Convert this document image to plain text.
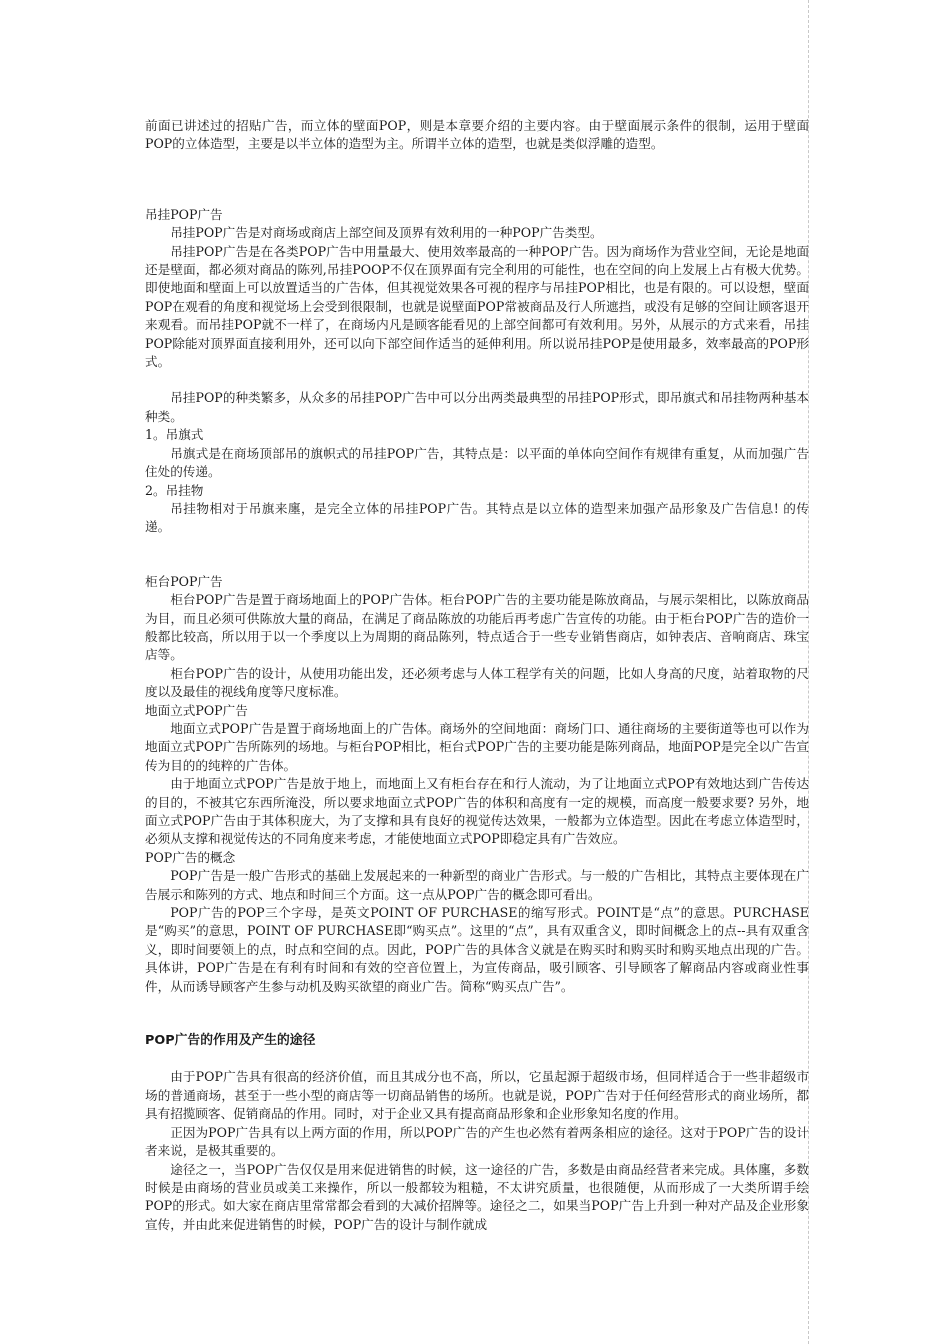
前面已讲述过的招贴广告，而立体的壁面POP，则是本章要介绍的主要内容。由于壁面展示条件的很制，运用于壁面POP的立体造型，主要是以半立体的造型为主。所谓半立体的造型，也就是类似浮雕的造型。

吊挂POP广告

吊挂POP广告是对商场或商店上部空间及顶界有效利用的一种POP广告类型。

吊挂POP广告是在各类POP广告中用量最大、使用效率最高的一种POP广告。因为商场作为营业空间，无论是地面还是壁面，都必须对商品的陈列,吊挂POOP不仅在顶界面有完全利用的可能性，也在空间的向上发展上占有极大优势。即使地面和壁面上可以放置适当的广告体，但其视觉效果各可视的程序与吊挂POP相比，也是有限的。可以设想，壁面POP在观看的角度和视觉场上会受到很限制，也就是说壁面POP常被商品及行人所遮挡，或没有足够的空间让顾客退开来观看。而吊挂POP就不一样了，在商场内凡是顾客能看见的上部空间都可有效利用。另外，从展示的方式来看，吊挂POP除能对顶界面直接利用外，还可以向下部空间作适当的延伸利用。所以说吊挂POP是使用最多，效率最高的POP形式。

吊挂POP的种类繁多，从众多的吊挂POP广告中可以分出两类最典型的吊挂POP形式，即吊旗式和吊挂物两种基本种类。

1。吊旗式

吊旗式是在商场顶部吊的旗帜式的吊挂POP广告，其特点是：以平面的单体向空间作有规律有重复，从而加强广告住处的传递。

2。吊挂物

吊挂物相对于吊旗来廛，是完全立体的吊挂POP广告。其特点是以立体的造型来加强产品形象及广告信息! 的传递。

柜台POP广告

柜台POP广告是置于商场地面上的POP广告体。柜台POP广告的主要功能是陈放商品，与展示架相比，以陈放商品为目，而且必须可供陈放大量的商品，在满足了商品陈放的功能后再考虑广告宣传的功能。由于柜台POP广告的造价一般都比较高，所以用于以一个季度以上为周期的商品陈列，特点适合于一些专业销售商店，如钟表店、音响商店、珠宝店等。

柜台POP广告的设计，从使用功能出发，还必须考虑与人体工程学有关的问题，比如人身高的尺度，站着取物的尺度以及最佳的视线角度等尺度标准。

地面立式POP广告

地面立式POP广告是置于商场地面上的广告体。商场外的空间地面：商场门口、通往商场的主要街道等也可以作为地面立式POP广告所陈列的场地。与柜台POP相比，柜台式POP广告的主要功能是陈列商品，地面POP是完全以广告宣传为目的的纯粹的广告体。

由于地面立式POP广告是放于地上，而地面上又有柜台存在和行人流动，为了让地面立式POP有效地达到广告传达的目的，不被其它东西所淹没，所以要求地面立式POP广告的体积和高度有一定的规模，而高度一般要求要? 另外，地面立式POP广告由于其体积庞大，为了支撑和具有良好的视觉传达效果，一般都为立体造型。因此在考虑立体造型时，必须从支撑和视觉传达的不同角度来考虑，才能使地面立式POP即稳定具有广告效应。

POP广告的概念

POP广告是一般广告形式的基础上发展起来的一种新型的商业广告形式。与一般的广告相比，其特点主要体现在广告展示和陈列的方式、地点和时间三个方面。这一点从POP广告的概念即可看出。

POP广告的POP三个字母，是英文POINT OF PURCHASE的缩写形式。POINT是“点”的意思。PURCHASE是“购买”的意思，POINT OF PURCHASE即“购买点”。这里的“点”，具有双重含义，即时间概念上的点--具有双重含义，即时间要领上的点，时点和空间的点。因此，POP广告的具体含义就是在购买时和购买时和购买地点出现的广告。具体讲，POP广告是在有利有时间和有效的空音位置上，为宣传商品，吸引顾客、引导顾客了解商品内容或商业性事件，从而诱导顾客产生参与动机及购买欲望的商业广告。简称“购买点广告”。

POP广告的作用及产生的途径

由于POP广告具有很高的经济价值，而且其成分也不高，所以，它虽起源于超级市场，但同样适合于一些非超级市场的普通商场，甚至于一些小型的商店等一切商品销售的场所。也就是说，POP广告对于任何经营形式的商业场所，都具有招揽顾客、促销商品的作用。同时，对于企业又具有提高商品形象和企业形象知名度的作用。

正因为POP广告具有以上两方面的作用，所以POP广告的产生也必然有着两条相应的途径。这对于POP广告的设计者来说，是极其重要的。

途径之一，当POP广告仅仅是用来促进销售的时候，这一途径的广告，多数是由商品经营者来完成。具体廛，多数时候是由商场的营业员或美工来操作，所以一般都较为粗糙，不太讲究质量，也很随便，从而形成了一大类所谓手绘POP的形式。如大家在商店里常常都会看到的大减价招牌等。途径之二，如果当POP广告上升到一种对产品及企业形象宣传，并由此来促进销售的时候，POP广告的设计与制作就成
